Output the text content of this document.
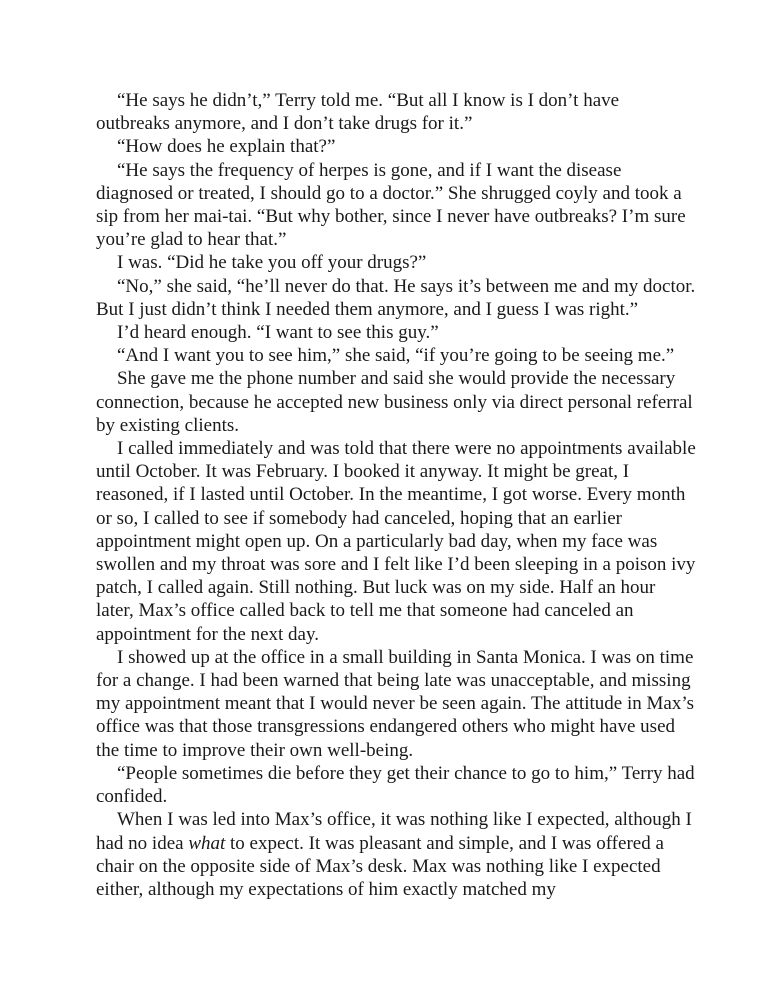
“He says he didn’t,” Terry told me. “But all I know is I don’t have outbreaks anymore, and I don’t take drugs for it.”

“How does he explain that?”

“He says the frequency of herpes is gone, and if I want the disease diagnosed or treated, I should go to a doctor.” She shrugged coyly and took a sip from her mai-tai. “But why bother, since I never have outbreaks? I’m sure you’re glad to hear that.”

I was. “Did he take you off your drugs?”

“No,” she said, “he’ll never do that. He says it’s between me and my doctor. But I just didn’t think I needed them anymore, and I guess I was right.”

I’d heard enough. “I want to see this guy.”

“And I want you to see him,” she said, “if you’re going to be seeing me.”

She gave me the phone number and said she would provide the necessary connection, because he accepted new business only via direct personal referral by existing clients.

I called immediately and was told that there were no appointments available until October. It was February. I booked it anyway. It might be great, I reasoned, if I lasted until October. In the meantime, I got worse. Every month or so, I called to see if somebody had canceled, hoping that an earlier appointment might open up. On a particularly bad day, when my face was swollen and my throat was sore and I felt like I’d been sleeping in a poison ivy patch, I called again. Still nothing. But luck was on my side. Half an hour later, Max’s office called back to tell me that someone had canceled an appointment for the next day.

I showed up at the office in a small building in Santa Monica. I was on time for a change. I had been warned that being late was unacceptable, and missing my appointment meant that I would never be seen again. The attitude in Max’s office was that those transgressions endangered others who might have used the time to improve their own well-being.

“People sometimes die before they get their chance to go to him,” Terry had confided.

When I was led into Max’s office, it was nothing like I expected, although I had no idea what to expect. It was pleasant and simple, and I was offered a chair on the opposite side of Max’s desk. Max was nothing like I expected either, although my expectations of him exactly matched my
